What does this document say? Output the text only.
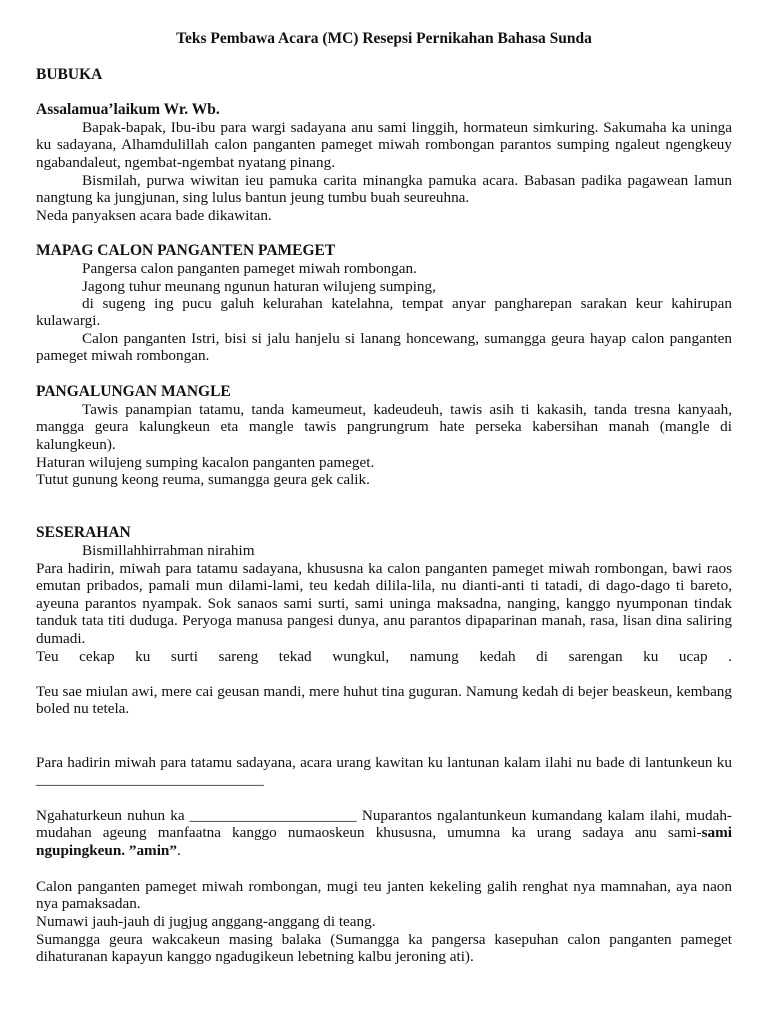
Teks Pembawa Acara (MC) Resepsi Pernikahan Bahasa Sunda
BUBUKA
Assalamua’laikum Wr. Wb.
Bapak-bapak, Ibu-ibu para wargi sadayana anu sami linggih, hormateun simkuring. Sakumaha ka uninga ku sadayana, Alhamdulillah calon panganten pameget miwah rombongan parantos sumping ngaleut ngengkeuy ngabandaleut, ngembat-ngembat nyatang pinang.
Bismilah, purwa wiwitan ieu pamuka carita minangka pamuka acara. Babasan padika pagawean lamun nangtung ka jungjunan, sing lulus bantun jeung tumbu buah seureuhna.
Neda panyaksen acara bade dikawitan.
MAPAG CALON PANGANTEN PAMEGET
Pangersa calon panganten pameget miwah rombongan.
Jagong tuhur meunang ngunun haturan wilujeng sumping,
di sugeng ing pucu galuh kelurahan katelahna, tempat anyar pangharepan sarakan keur kahirupan kulawargi.
Calon panganten Istri, bisi si jalu hanjelu si lanang honcewang, sumangga geura hayap calon panganten pameget miwah rombongan.
PANGALUNGAN MANGLE
Tawis panampian tatamu, tanda kameumeut, kadeudeuh, tawis asih ti kakasih, tanda tresna kanyaah, mangga geura kalungkeun eta mangle tawis pangrungrum hate perseka kabersihan manah (mangle di kalungkeun).
Haturan wilujeng sumping kacalon panganten pameget.
Tutut gunung keong reuma, sumangga geura gek calik.
SESERAHAN
Bismillahhirrahman nirahim
Para hadirin, miwah para tatamu sadayana, khususna ka calon panganten pameget miwah rombongan, bawi raos emutan pribados, pamali mun dilami-lami, teu kedah dilila-lila, nu dianti-anti ti tatadi, di dago-dago ti bareto, ayeuna parantos nyampak. Sok sanaos sami surti, sami uninga maksadna, nanging, kanggo nyumponan tindak tanduk tata titi duduga. Peryoga manusa pangesi dunya, anu parantos dipaparinan manah, rasa, lisan dina saliring dumadi.
Teu cekap ku surti sareng tekad wungkul, namung kedah di sarengan ku ucap .
Teu sae miulan awi, mere cai geusan mandi, mere huhut tina guguran. Namung kedah di bejer beaskeun, kembang boled nu tetela.
Para hadirin miwah para tatamu sadayana, acara urang kawitan ku lantunan kalam ilahi nu bade di lantunkeun ku ______________________________
Ngahaturkeun nuhun ka ______________________ Nuparantos ngalantunkeun kumandang kalam ilahi, mudah-mudahan ageung manfaatna kanggo numaoskeun khususna, umumna ka urang sadaya anu sami-sami ngupingkeun. ”amin”.
Calon panganten pameget miwah rombongan, mugi teu janten kekeling galih renghat nya mamnahan, aya naon nya pamaksadan.
Numawi jauh-jauh di jugjug anggang-anggang di teang.
Sumangga geura wakcakeun masing balaka (Sumangga ka pangersa kasepuhan calon panganten pameget dihaturanan kapayun kanggo ngadugikeun lebetning kalbu jeroning ati).
